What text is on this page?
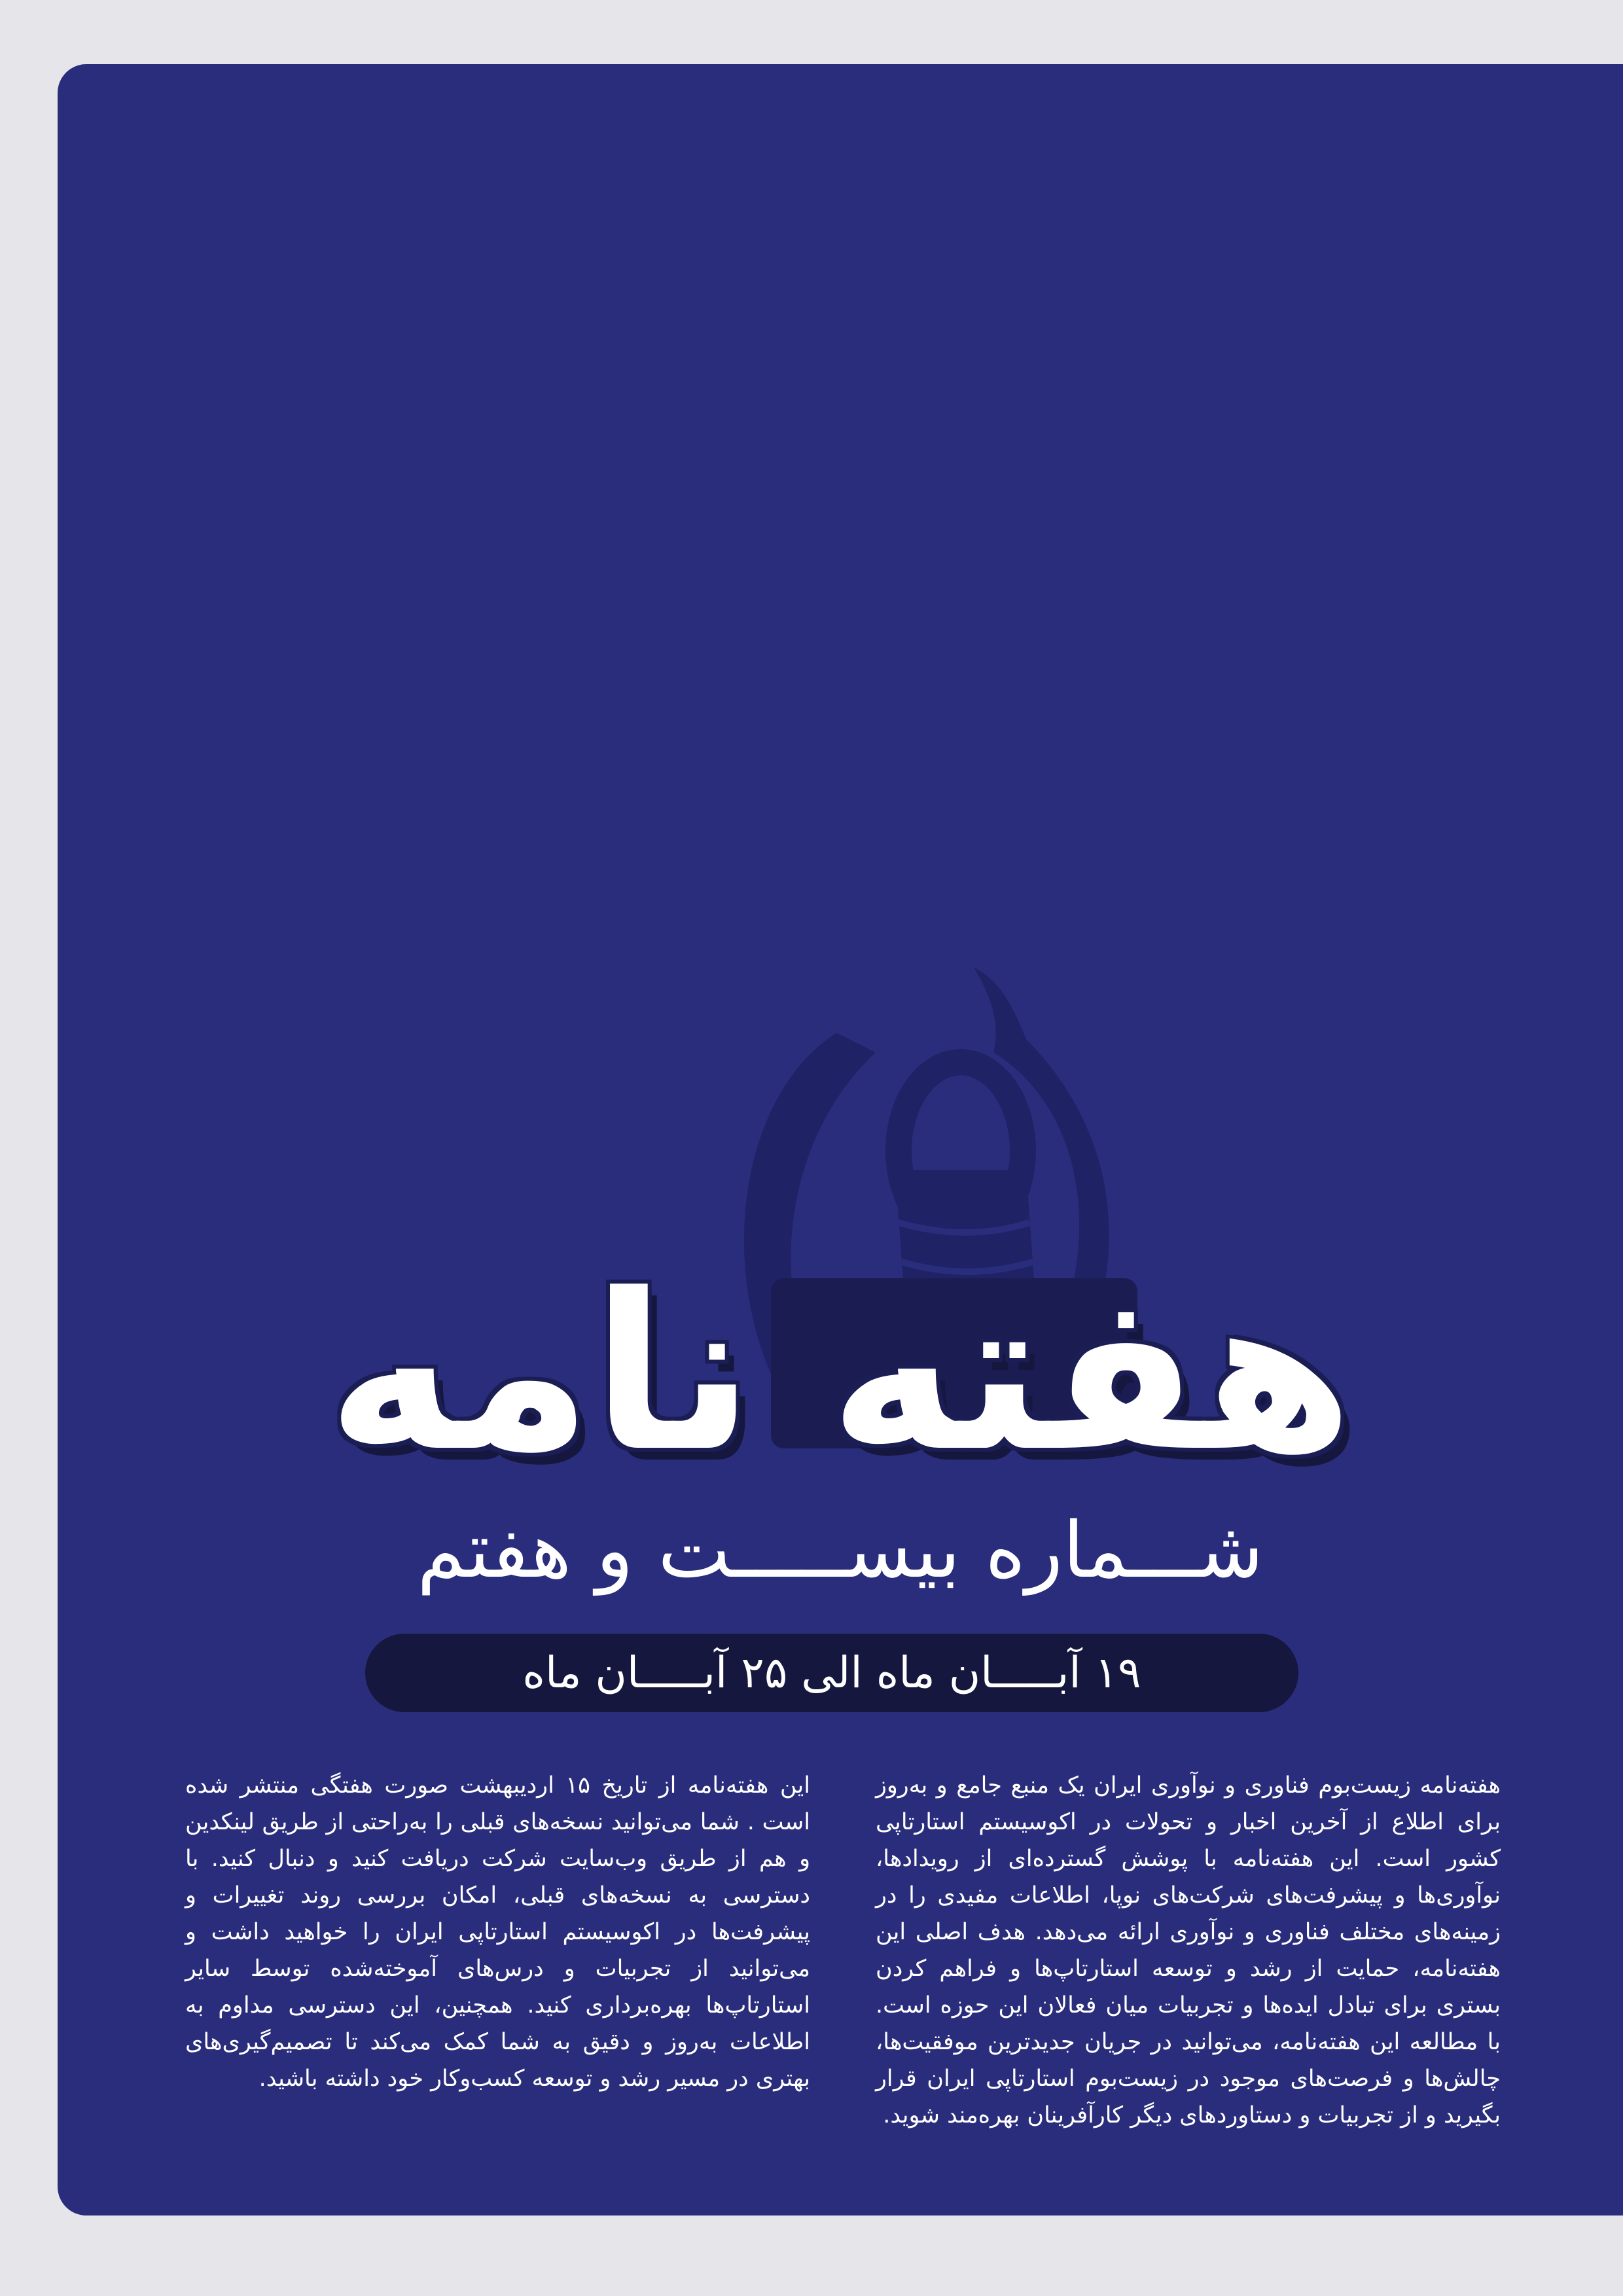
هفته نامه
شـــماره بیســـــت و هفتم
۱۹ آبـــــان ماه الی ۲۵ آبـــــان ماه

هفته‌نامه زیست‌بوم فناوری و نوآوری ایران یک منبع جامع و به‌روز برای اطلاع از آخرین اخبار و تحولات در اکوسیستم استارتاپی کشور است. این هفته‌نامه با پوشش گسترده‌ای از رویدادها، نوآوری‌ها و پیشرفت‌های شرکت‌های نوپا، اطلاعات مفیدی را در زمینه‌های مختلف فناوری و نوآوری ارائه می‌دهد. هدف اصلی این هفته‌نامه، حمایت از رشد و توسعه استارتاپ‌ها و فراهم کردن بستری برای تبادل ایده‌ها و تجربیات میان فعالان این حوزه است. با مطالعه این هفته‌نامه، می‌توانید در جریان جدیدترین موفقیت‌ها، چالش‌ها و فرصت‌های موجود در زیست‌بوم استارتاپی ایران قرار بگیرید و از تجربیات و دستاوردهای دیگر کارآفرینان بهره‌مند شوید.

این هفته‌نامه از تاریخ ۱۵ اردیبهشت صورت هفتگی منتشر شده است . شما می‌توانید نسخه‌های قبلی را به‌راحتی از طریق لینکدین و هم از طریق وب‌سایت شرکت دریافت کنید و دنبال کنید. با دسترسی به نسخه‌های قبلی، امکان بررسی روند تغییرات و پیشرفت‌ها در اکوسیستم استارتاپی ایران را خواهید داشت و می‌توانید از تجربیات و درس‌های آموخته‌شده توسط سایر استارتاپ‌ها بهره‌برداری کنید. همچنین، این دسترسی مداوم به اطلاعات به‌روز و دقیق به شما کمک می‌کند تا تصمیم‌گیری‌های بهتری در مسیر رشد و توسعه کسب‌وکار خود داشته باشید.
